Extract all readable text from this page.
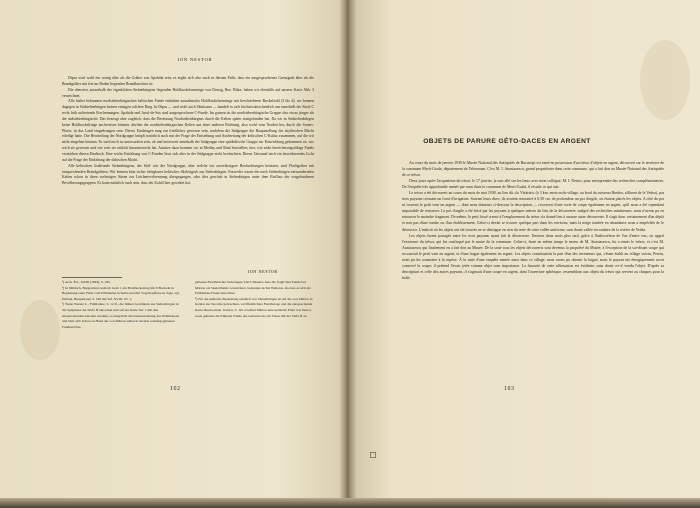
ION NESTOR

Dipsa wird wohl ein wenig älter als die Gräber von Apahida sein; es ergibt sich also auch in diesem Falle, dass ein ausgesprochenes Grenzgrab älter als die Brandgräber mit fest im Boden liegenden Brandknochen ist.

Die obersten, ausserhalb der eigentlichen Siebenbürgens liegenden Hohlbuckelarmringe von Dussig, Bez. Bihor, haben wir ebenfalls auf unserer Karte Abb. 3 verzeichnet.

Alle bisher bekannten nordsiebenbürgischen keltischen Funde enthalten ausnahmslos Hohlbuckelarmringe mit beschriebener Buckelzahl (3 bis 4); wir kennen dagegen in Südsiebenbürgen keinen einzigen solchen Ring. In Dipsa — und wohl auch Sântioana — handelt es sich höchstwahrscheinlich um innerhalb der Stufe C recht früh auftretende Erscheinungen. Apahida und Jucul-de-Sus sind ausgesprochene C-Funde. Im ganzen ist die nordsiebenbürgische Gruppe also etwas jünger als die südsiebenbürgische. Das bezeugt aber zugleich, dass die Besetzung Nordsiebenbürgens durch die Kelten später stattgefunden hat. Da wir in Südsiebenbürgen keine Hohlbuckelringe nachweisen können, dürften die nordsiebenbürgischen Kelten aus einer anderen Richtung, also wohl vom Norden her, durch die Somes-Pforte, in das Land eingedrungen sein. Dieses Eindringen mag ein friedliches gewesen sein, nachdem die Südgruppe die Hauptstellung der skythischen Macht erledigt hatte. Die Beurteilung der Nordgruppe knüpft natürlich auch mit der Frage der Entstehung und Ausbreitung der keltischen C-Kultur zusammen, auf die wir nicht eingehen können. Es wird noch zu untersuchen sein, ob und inwieweit innerhalb der Südgruppe eine spätkeltische Gruppe zur Entwicklung gekommen ist, wie reich sie gewesen und wie weit sie zeitlich hinunterreicht hat. Ansätze dazu konnten wir in Mediaș und Sând feststellen; hier, wie nicht bereicherungsfähige Funde verstärken diesen Eindruck. Eine reiche Entfaltung von C-Funden lässt sich aber in der Südgruppe nicht beobachten. Dieser Umstand wirft ein bezeichnendes Licht auf die Frage der Entfaltung der dakischen Macht.

Alle keltischen Grabfunde Siebenbürgens, der Süd- wie der Nordgruppe, über welche wir zuverlässigere Beobachtungen besitzen, sind Flachgräber mit entsprechenden Brandgräbern. Wir kennen kein sicher belegbares keltisches Skelettgrab aus Siebenbürgen. Entweder waren die nach Siebenbürgen einwandernden Kelten schon in ihren vorherigen Sitzen zur Leichenverbrennung übergegangen, oder dies geschah in Siebenbürgen unter dem Einfluss der vorgefundenen Bevölkerungsgruppen. Es kann natürlich auch sein, dass der Zufall hier gewaltet hat.

ION NESTOR

¹) Arch. Ért., XXIII (1903), S. 435.

²) In Mittlach, Burgenland, kam im Grab 1 ein Hohlbuckelring mit 8 Buckeln in Begleitung einer Fibel vom Frühlatène-Schema und mit Vogelkopffuss zu Tage, vgl. Pittioni, Burgenland, S. 190 mit Taf. XVIII, Nr. 1.

³) Wenn Werner L., Frühlatène, S. 12 ff., die frühen Grabfunde aus Siebenbürgen in die Spätphase der Stufe B einordnet und auf der Karte Taf. 1 mit den entsprechenden Zeichen versieht, so entspricht die Kennzeichnung des Wohlhabens und lässt sich Schon an Hand der von Märton selbst in Jucular wiedergegebenen Fundberichte.

gebenen Fundberichte widerlegen. Der Umstand, dass die fraglichen Funde bei Märton als Skelettfunde verzeichnet, bedeutete nichts Weiteres, als dass es sich als Frühlatène-Funde betrachtet.

⁴) Für die keltische Besiedlung nördlich von Siebenbürgen ist auf die von Märton in Jucular zur Sprache gebrachten, veröffentlichten Fundbelege und die entsprechende Karte hinzuweisen, Jucular, S. 161 erwähnt Märton eine keltische Fibel von Petica; sonst gehören die früheren Funde des Gebietes bis zur These mit der Stufe B an.

102
OBJETS DE PARURE GÉTO-DACES EN ARGENT

Au cours du mois de janvier 1939 le Musée National des Antiquités de Bucureşti est entré en possession d'un trésor d'objets en argent, découvert sur le territoire de la commune Merii-Goala, département de Teleorman. C'est M. I. Anastasescu, grand propriétaire dans cette commune, qui a fait don au Musée National des Antiquités de ce trésor.

Deux jours après l'acquisition du trésor, le 17 janvier, je suis allé sur les lieux avec mon collègue, M. I. Nestor, pour entreprendre des recherches complémentaires. De l'enquête très approfondie menée par nous dans la commune de Merii-Goala, il résulte ce qui suit.

Le trésor a été découvert au cours du mois de mai 1938, au lieu dit «la Vărăriei» (à 3 km. environ du village, au bord du ruisseau Burdea, affluent de la Vedea), par trois paysans creusant un fossé d'irrigation. Suivant leurs dires, ils avaient rencontré à 0,50 cm. de profondeur un pot d'argile, où étaient placés les objets. A côté du pot se trouvait le petit vase en argent — dont nous donnons ci-dessous la description — recouvert d'une sorte de coupe également en argent, qu'il nous a été cependant impossible de retrouver. Le pot d'argile a été brisé par les paysans à quelques mètres du lieu de la découverte; malgré des recherches minitieuses, nous n'avons pu en retrouver le moindre fragment. De même, le petit fossé creusé à l'emplacement du trésor n'a donné lieu à aucune autre découverte. Il s'agit donc certainement d'un dépôt et non pas d'une tombe ou d'un établissement. Gelui-ci devait se trouver quelque part dans les environs, mais la neige tombée en abondance nous a empêchés de le découvrir. L'endroit où les objets ont été trouvés ne se distingue en rien du reste de cette vallée uniforme, sans doute vallée secondaire de la rivière de Vedea.

Les objets furent partagés entre les trois paysans ayant fait la découverte. Environ deux mois plus tard, grâce à l'indiscrétion de l'un d'entre eux, on apprit l'existence du trésor, qui fut confisqué par le maire de la commune. Celui-ci, étant en même temps le neveu de M. Anastasescu, lui a remis le trésor; et c'est M. Anastasescu qui finalement en a fait don au Musée. De la sorte tous les objets découverts sont devenus la propriété du Musée, à l'exception de la soi-disant coupe qui recouvrait le petit vase en argent; et d'une bague également en argent. Les objets constituaient la part d'un des inventeurs qui, s'étant établi au village voisin, Peretu, avait pu les soustraire à la reprise. À la suite d'une enquête menée aussi dans ce village, nous avons pu obtenir la bague, mais le paysan nie énergiquement avoir conservé la coupe; il prétend l'avoir jetée comme objet sans importance. La fausseté de cette affirmation est évidente; sans doute a-t-il vendu l'objet. D'après sa description et celle des autres paysans, il s'agissait d'une coupe en argent, dont l'ouverture sphérique, ressemblant aux objets du trésor qui servent au chaques pour la boîte.

103
